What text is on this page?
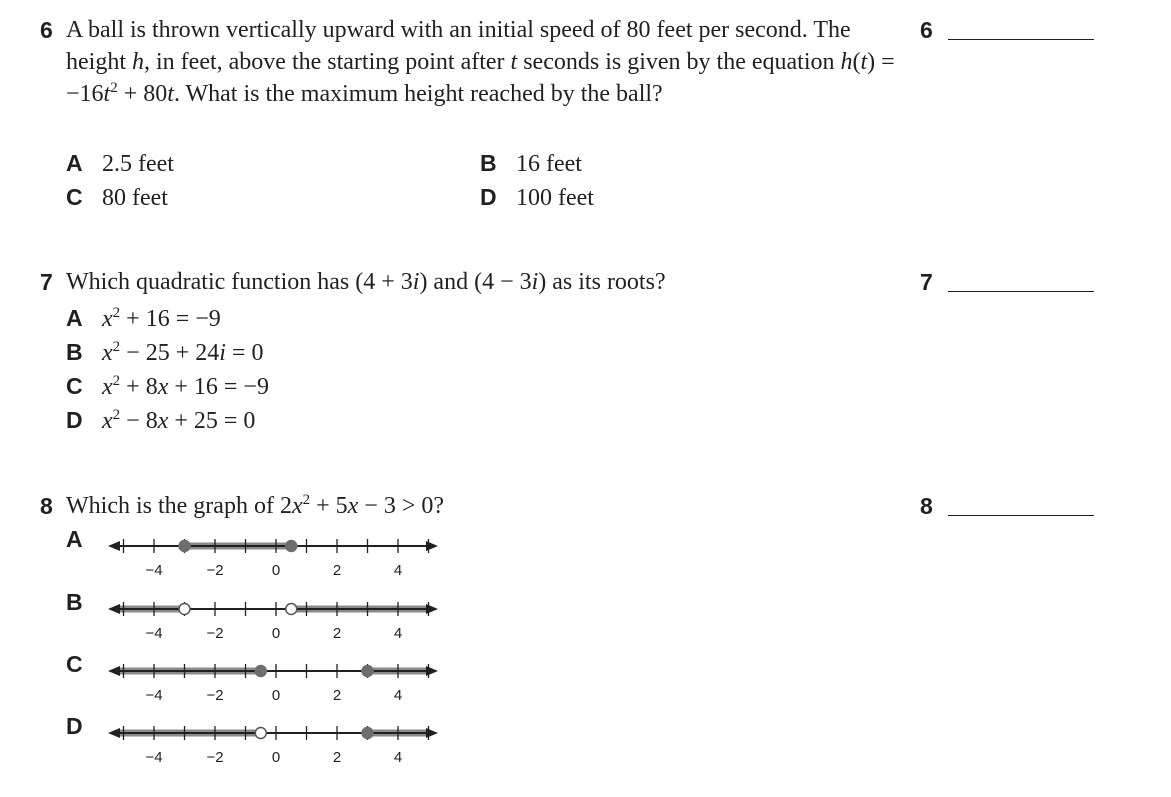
6 A ball is thrown vertically upward with an initial speed of 80 feet per second. The height h, in feet, above the starting point after t seconds is given by the equation $h(t) = -16t^2 + 80t$. What is the maximum height reached by the ball?
6
A 2.5 feet	B 16 feet
C 80 feet	D 100 feet
7 Which quadratic function has (4 + 3i) and (4 − 3i) as its roots?	7
A $x^2 + 16 = -9$
B $x^2 - 25 + 24i = 0$
C $x^2 + 8x + 16 = -9$
D $x^2 - 8x + 25 = 0$
8 Which is the graph of $2x^2 + 5x - 3 > 0$?	8
A
−4	−2	0	2	4
B
−4	−2	0	2	4
C
−4	−2	0	2	4
D
−4	−2	0	2	4
